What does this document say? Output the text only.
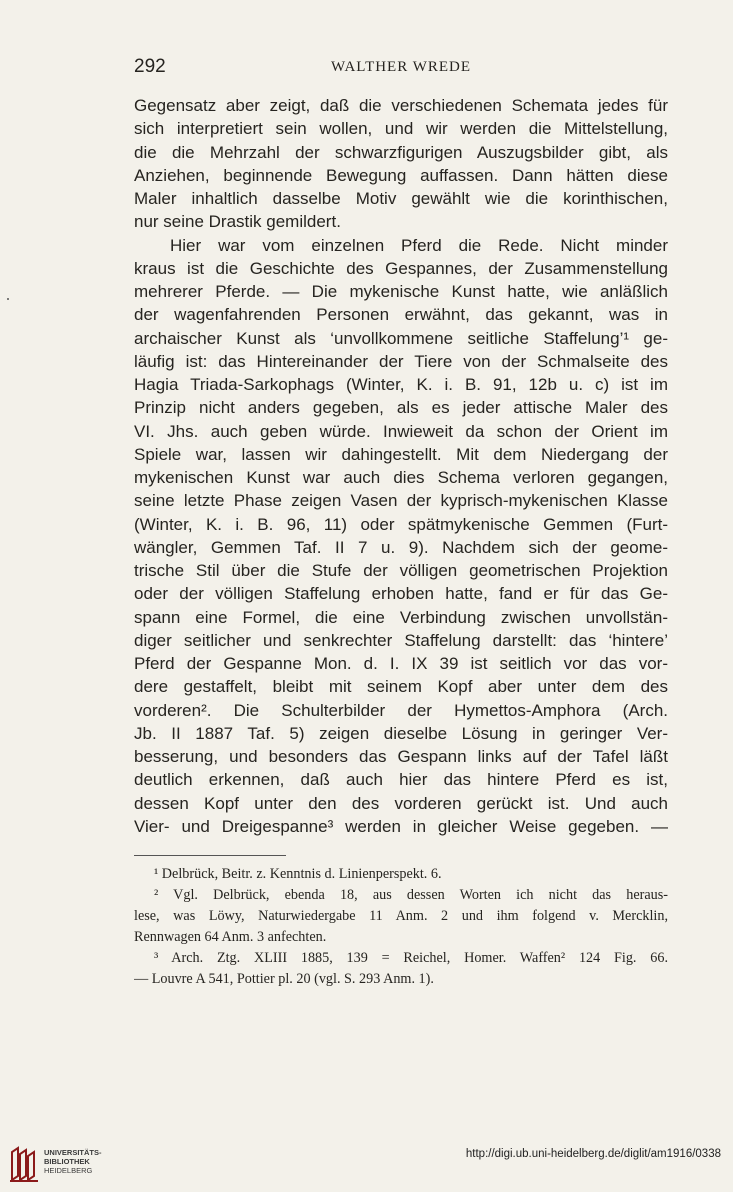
292	WALTHER WREDE
Gegensatz aber zeigt, daß die verschiedenen Schemata jedes für
sich interpretiert sein wollen, und wir werden die Mittelstellung,
die die Mehrzahl der schwarzfigurigen Auszugsbilder gibt, als
Anziehen, beginnende Bewegung auffassen. Dann hätten diese
Maler inhaltlich dasselbe Motiv gewählt wie die korinthischen,
nur seine Drastik gemildert.
Hier war vom einzelnen Pferd die Rede. Nicht minder
kraus ist die Geschichte des Gespannes, der Zusammenstellung
mehrerer Pferde. — Die mykenische Kunst hatte, wie anläßlich
der wagenfahrenden Personen erwähnt, das gekannt, was in
archaischer Kunst als ‘unvollkommene seitliche Staffelung’¹ ge-
läufig ist: das Hintereinander der Tiere von der Schmalseite des
Hagia Triada-Sarkophags (Winter, K. i. B. 91, 12b u. c) ist im
Prinzip nicht anders gegeben, als es jeder attische Maler des
VI. Jhs. auch geben würde. Inwieweit da schon der Orient im
Spiele war, lassen wir dahingestellt. Mit dem Niedergang der
mykenischen Kunst war auch dies Schema verloren gegangen,
seine letzte Phase zeigen Vasen der kyprisch-mykenischen Klasse
(Winter, K. i. B. 96, 11) oder spätmykenische Gemmen (Furt-
wängler, Gemmen Taf. II 7 u. 9). Nachdem sich der geome-
trische Stil über die Stufe der völligen geometrischen Projektion
oder der völligen Staffelung erhoben hatte, fand er für das Ge-
spann eine Formel, die eine Verbindung zwischen unvollstän-
diger seitlicher und senkrechter Staffelung darstellt: das ‘hintere’
Pferd der Gespanne Mon. d. I. IX 39 ist seitlich vor das vor-
dere gestaffelt, bleibt mit seinem Kopf aber unter dem des
vorderen². Die Schulterbilder der Hymettos-Amphora (Arch.
Jb. II 1887 Taf. 5) zeigen dieselbe Lösung in geringer Ver-
besserung, und besonders das Gespann links auf der Tafel läßt
deutlich erkennen, daß auch hier das hintere Pferd es ist,
dessen Kopf unter den des vorderen gerückt ist. Und auch
Vier- und Dreigespanne³ werden in gleicher Weise gegeben. —
¹ Delbrück, Beitr. z. Kenntnis d. Linienperspekt. 6.
² Vgl. Delbrück, ebenda 18, aus dessen Worten ich nicht das heraus-
lese, was Löwy, Naturwiedergabe 11 Anm. 2 und ihm folgend v. Mercklin,
Rennwagen 64 Anm. 3 anfechten.
³ Arch. Ztg. XLIII 1885, 139 = Reichel, Homer. Waffen² 124 Fig. 66.
— Louvre A 541, Pottier pl. 20 (vgl. S. 293 Anm. 1).
UNIVERSITÄTS-
BIBLIOTHEK
HEIDELBERG
http://digi.ub.uni-heidelberg.de/diglit/am1916/0338
